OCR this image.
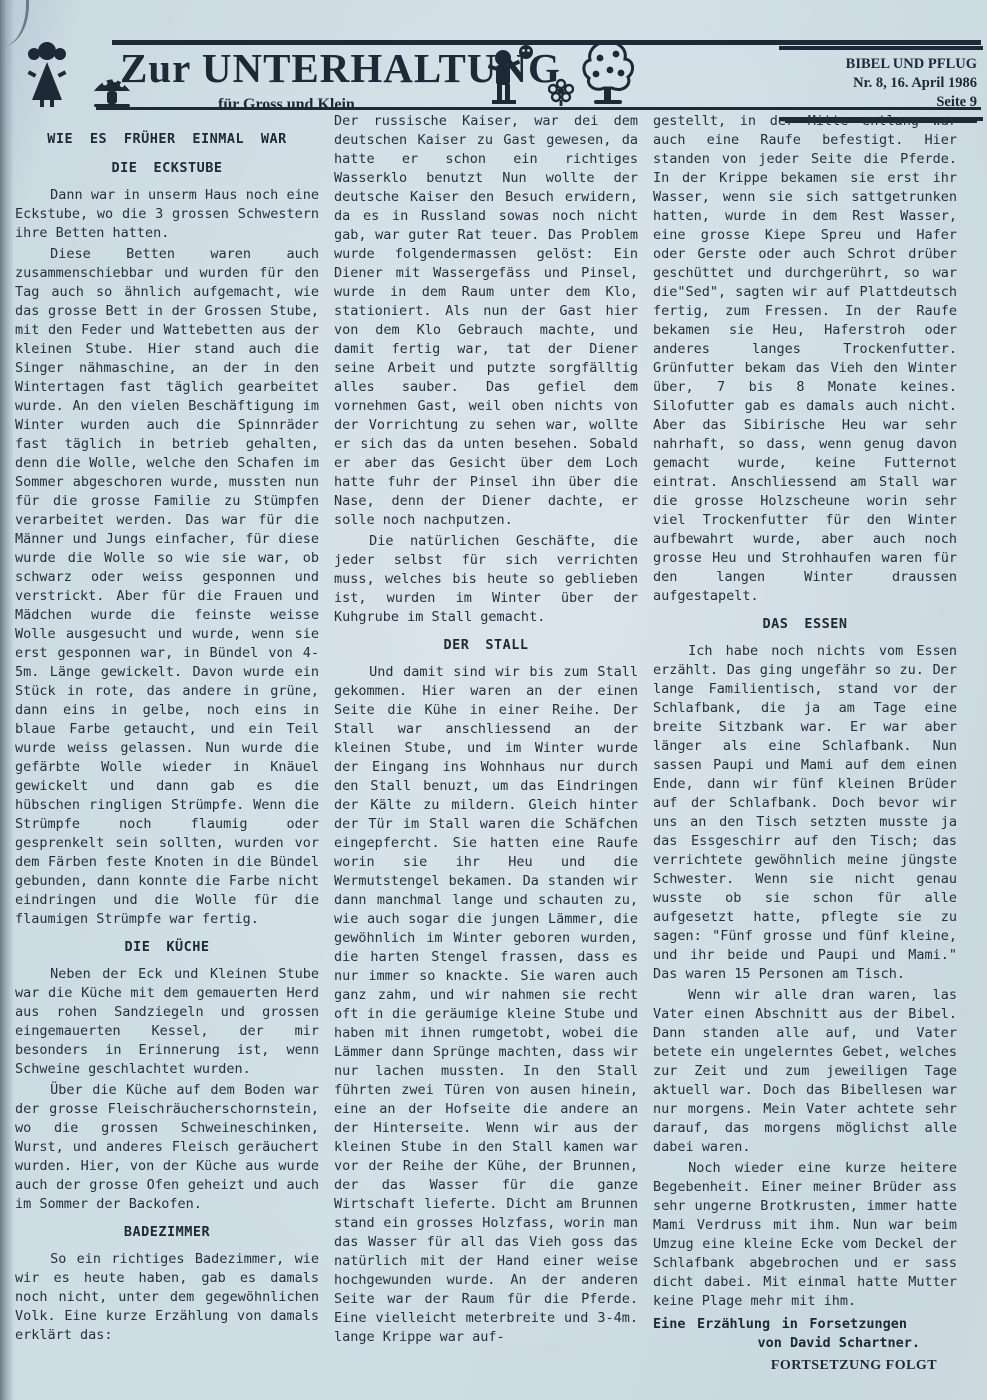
Zur UNTERHALTUNG
für Gross und Klein
BIBEL UND PFLUG
Nr. 8, 16. April 1986
Seite 9
WIE ES FRÜHER EINMAL WAR
DIE ECKSTUBE
Dann war in unserm Haus noch eine Eckstube, wo die 3 grossen Schwestern ihre Betten hatten.
Diese Betten waren auch zusammenschiebbar und wurden für den Tag auch so ähnlich aufgemacht, wie das grosse Bett in der Grossen Stube, mit den Feder und Wattebetten aus der kleinen Stube. Hier stand auch die Singer nähmaschine, an der in den Wintertagen fast täglich gearbeitet wurde. An den vielen Beschäftigung im Winter wurden auch die Spinnräder fast täglich in betrieb gehalten, denn die Wolle, welche den Schafen im Sommer abgeschoren wurde, mussten nun für die grosse Familie zu Stümpfen verarbeitet werden. Das war für die Männer und Jungs einfacher, für diese wurde die Wolle so wie sie war, ob schwarz oder weiss gesponnen und verstrickt. Aber für die Frauen und Mädchen wurde die feinste weisse Wolle ausgesucht und wurde, wenn sie erst gesponnen war, in Bündel von 4-5m. Länge gewickelt. Davon wurde ein Stück in rote, das andere in grüne, dann eins in gelbe, noch eins in blaue Farbe getaucht, und ein Teil wurde weiss gelassen. Nun wurde die gefärbte Wolle wieder in Knäuel gewickelt und dann gab es die hübschen ringligen Strümpfe. Wenn die Strümpfe noch flaumig oder gesprenkelt sein sollten, wurden vor dem Färben feste Knoten in die Bündel gebunden, dann konnte die Farbe nicht eindringen und die Wolle für die flaumigen Strümpfe war fertig.
DIE KÜCHE
Neben der Eck und Kleinen Stube war die Küche mit dem gemauerten Herd aus rohen Sandziegeln und grossen eingemauerten Kessel, der mir besonders in Erinnerung ist, wenn Schweine geschlachtet wurden.
Über die Küche auf dem Boden war der grosse Fleischräucherschornstein, wo die grossen Schweineschinken, Wurst, und anderes Fleisch geräuchert wurden. Hier, von der Küche aus wurde auch der grosse Ofen geheizt und auch im Sommer der Backofen.
BADEZIMMER
So ein richtiges Badezimmer, wie wir es heute haben, gab es damals noch nicht, unter dem gegewöhnlichen Volk. Eine kurze Erzählung von damals erklärt das:
Der russische Kaiser, war dei dem deutschen Kaiser zu Gast gewesen, da hatte er schon ein richtiges Wasserklo benutzt Nun wollte der deutsche Kaiser den Besuch erwidern, da es in Russland sowas noch nicht gab, war guter Rat teuer. Das Problem wurde folgendermassen gelöst: Ein Diener mit Wassergefäss und Pinsel, wurde in dem Raum unter dem Klo, stationiert. Als nun der Gast hier von dem Klo Gebrauch machte, und damit fertig war, tat der Diener seine Arbeit und putzte sorgfälltig alles sauber. Das gefiel dem vornehmen Gast, weil oben nichts von der Vorrichtung zu sehen war, wollte er sich das da unten besehen. Sobald er aber das Gesicht über dem Loch hatte fuhr der Pinsel ihn über die Nase, denn der Diener dachte, er solle noch nachputzen.
Die natürlichen Geschäfte, die jeder selbst für sich verrichten muss, welches bis heute so geblieben ist, wurden im Winter über der Kuhgrube im Stall gemacht.
DER STALL
Und damit sind wir bis zum Stall gekommen. Hier waren an der einen Seite die Kühe in einer Reihe. Der Stall war anschliessend an der kleinen Stube, und im Winter wurde der Eingang ins Wohnhaus nur durch den Stall benuzt, um das Eindringen der Kälte zu mildern. Gleich hinter der Tür im Stall waren die Schäfchen eingepfercht. Sie hatten eine Raufe worin sie ihr Heu und die Wermutstengel bekamen. Da standen wir dann manchmal lange und schauten zu, wie auch sogar die jungen Lämmer, die gewöhnlich im Winter geboren wurden, die harten Stengel frassen, dass es nur immer so knackte. Sie waren auch ganz zahm, und wir nahmen sie recht oft in die geräumige kleine Stube und haben mit ihnen rumgetobt, wobei die Lämmer dann Sprünge machten, dass wir nur lachen mussten. In den Stall führten zwei Türen von ausen hinein, eine an der Hofseite die andere an der Hinterseite. Wenn wir aus der kleinen Stube in den Stall kamen war vor der Reihe der Kühe, der Brunnen, der das Wasser für die ganze Wirtschaft lieferte. Dicht am Brunnen stand ein grosses Holzfass, worin man das Wasser für all das Vieh goss das natürlich mit der Hand einer weise hochgewunden wurde. An der anderen Seite war der Raum für die Pferde. Eine vielleicht meterbreite und 3-4m. lange Krippe war auf-
gestellt, in der Mitte entlang war auch eine Raufe befestigt. Hier standen von jeder Seite die Pferde. In der Krippe bekamen sie erst ihr Wasser, wenn sie sich sattgetrunken hatten, wurde in dem Rest Wasser, eine grosse Kiepe Spreu und Hafer oder Gerste oder auch Schrot drüber geschüttet und durchgerührt, so war die"Sed", sagten wir auf Plattdeutsch fertig, zum Fressen. In der Raufe bekamen sie Heu, Haferstroh oder anderes langes Trockenfutter. Grünfutter bekam das Vieh den Winter über, 7 bis 8 Monate keines. Silofutter gab es damals auch nicht. Aber das Sibirische Heu war sehr nahrhaft, so dass, wenn genug davon gemacht wurde, keine Futternot eintrat. Anschliessend am Stall war die grosse Holzscheune worin sehr viel Trockenfutter für den Winter aufbewahrt wurde, aber auch noch grosse Heu und Strohhaufen waren für den langen Winter draussen aufgestapelt.
DAS ESSEN
Ich habe noch nichts vom Essen erzählt. Das ging ungefähr so zu. Der lange Familientisch, stand vor der Schlafbank, die ja am Tage eine breite Sitzbank war. Er war aber länger als eine Schlafbank. Nun sassen Paupi und Mami auf dem einen Ende, dann wir fünf kleinen Brüder auf der Schlafbank. Doch bevor wir uns an den Tisch setzten musste ja das Essgeschirr auf den Tisch; das verrichtete gewöhnlich meine jüngste Schwester. Wenn sie nicht genau wusste ob sie schon für alle aufgesetzt hatte, pflegte sie zu sagen: "Fünf grosse und fünf kleine, und ihr beide und Paupi und Mami." Das waren 15 Personen am Tisch.
Wenn wir alle dran waren, las Vater einen Abschnitt aus der Bibel. Dann standen alle auf, und Vater betete ein ungelerntes Gebet, welches zur Zeit und zum jeweiligen Tage aktuell war. Doch das Bibellesen war nur morgens. Mein Vater achtete sehr darauf, das morgens möglichst alle dabei waren.
Noch wieder eine kurze heitere Begebenheit. Einer meiner Brüder ass sehr ungerne Brotkrusten, immer hatte Mami Verdruss mit ihm. Nun war beim Umzug eine kleine Ecke vom Deckel der Schlafbank abgebrochen und er sass dicht dabei. Mit einmal hatte Mutter keine Plage mehr mit ihm.
Eine Erzählung in Forsetzungen
von David Schartner.
FORTSETZUNG FOLGT
